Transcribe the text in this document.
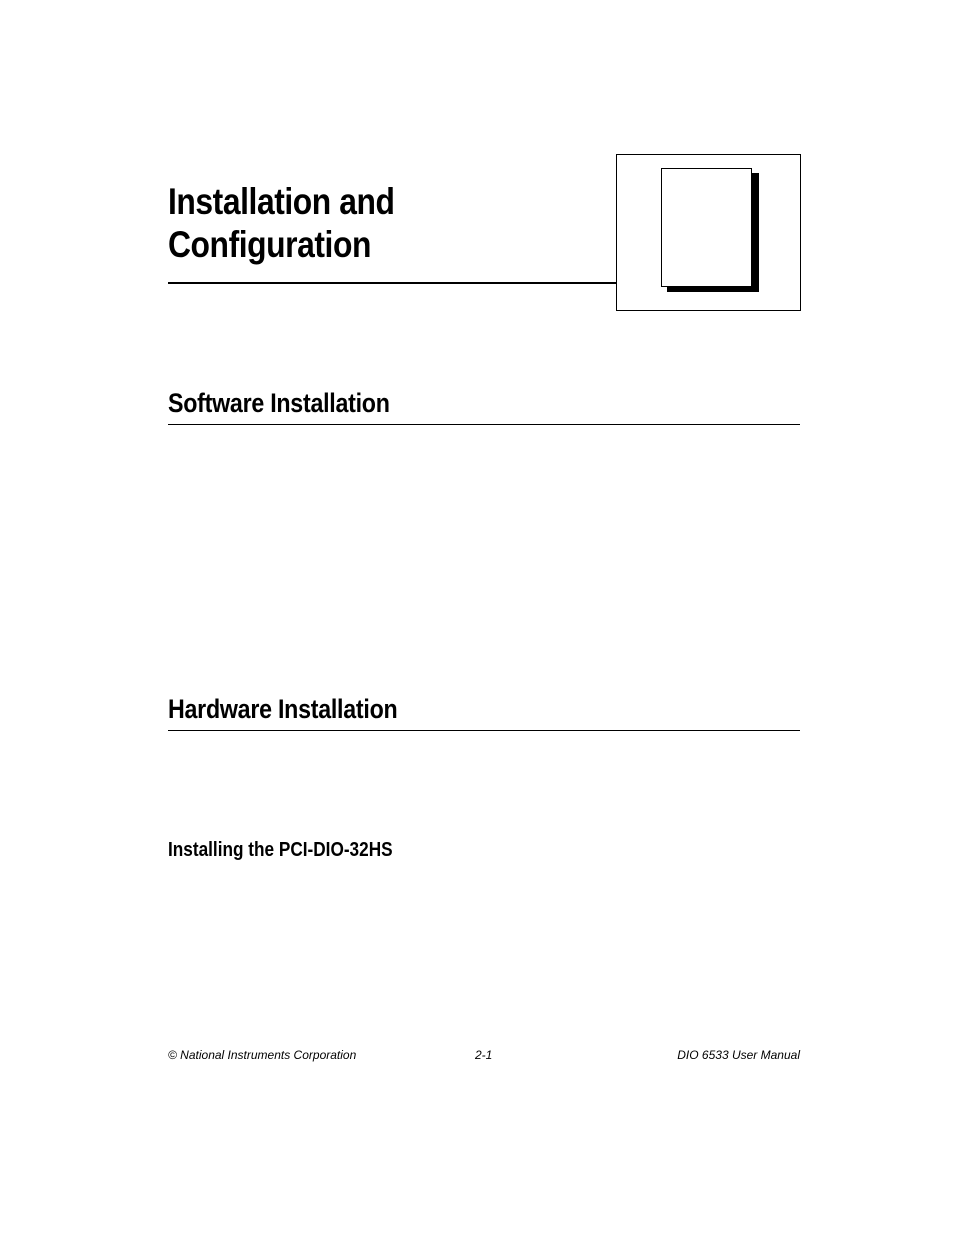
Installation and
Configuration
Software Installation
Hardware Installation
Installing the PCI-DIO-32HS
© National Instruments Corporation	2-1	DIO 6533 User Manual
